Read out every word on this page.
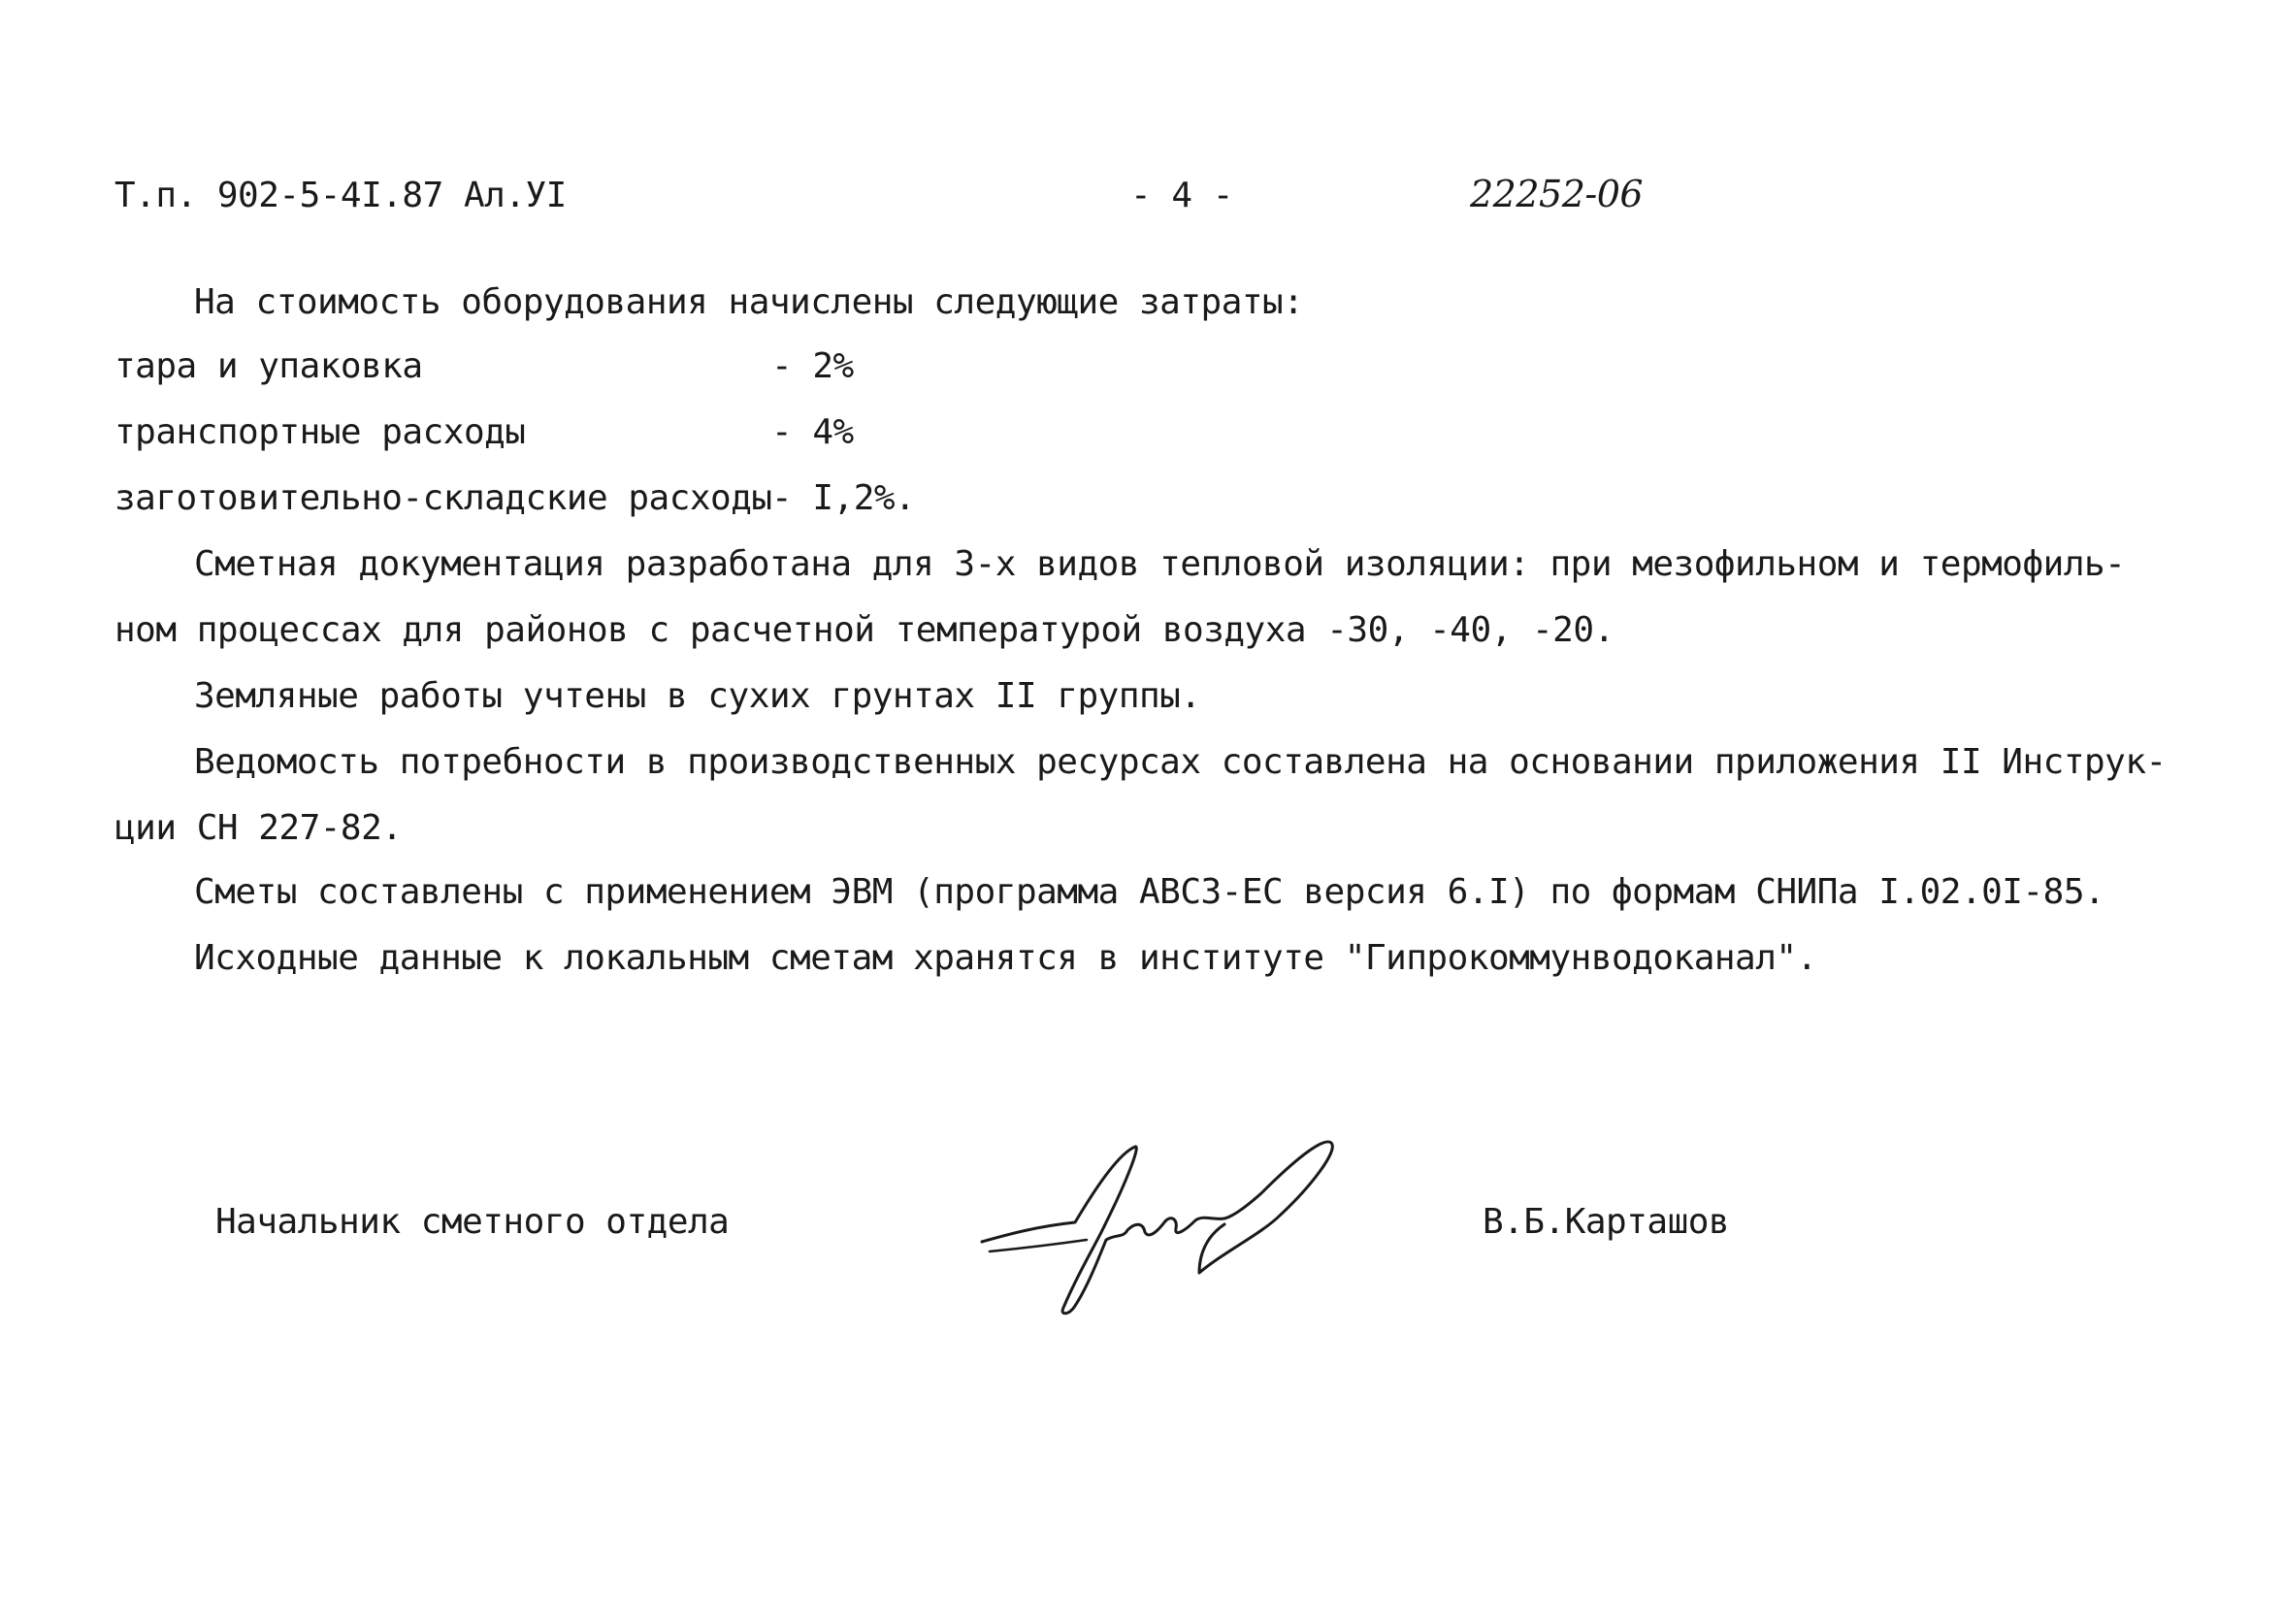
Т.п. 902-5-4I.87 Ал.УI	- 4 -	22252-06
На стоимость оборудования начислены следующие затраты:
тара и упаковка	- 2%
транспортные расходы	- 4%
заготовительно-складские расходы - I,2%.
Сметная документация разработана для 3-х видов тепловой изоляции: при мезофильном и термофиль-
ном процессах для районов с расчетной температурой воздуха -30, -40, -20.
Земляные работы учтены в сухих грунтах II группы.
Ведомость потребности в производственных ресурсах составлена на основании приложения II Инструк-
ции СН 227-82.
Сметы составлены с применением ЭВМ (программа АВСЗ-ЕС версия 6.I) по формам СНИПа I.02.0I-85.
Исходные данные к локальным сметам хранятся в институте "Гипрокоммунводоканал".
Начальник сметного отдела	В.Б.Карташов
